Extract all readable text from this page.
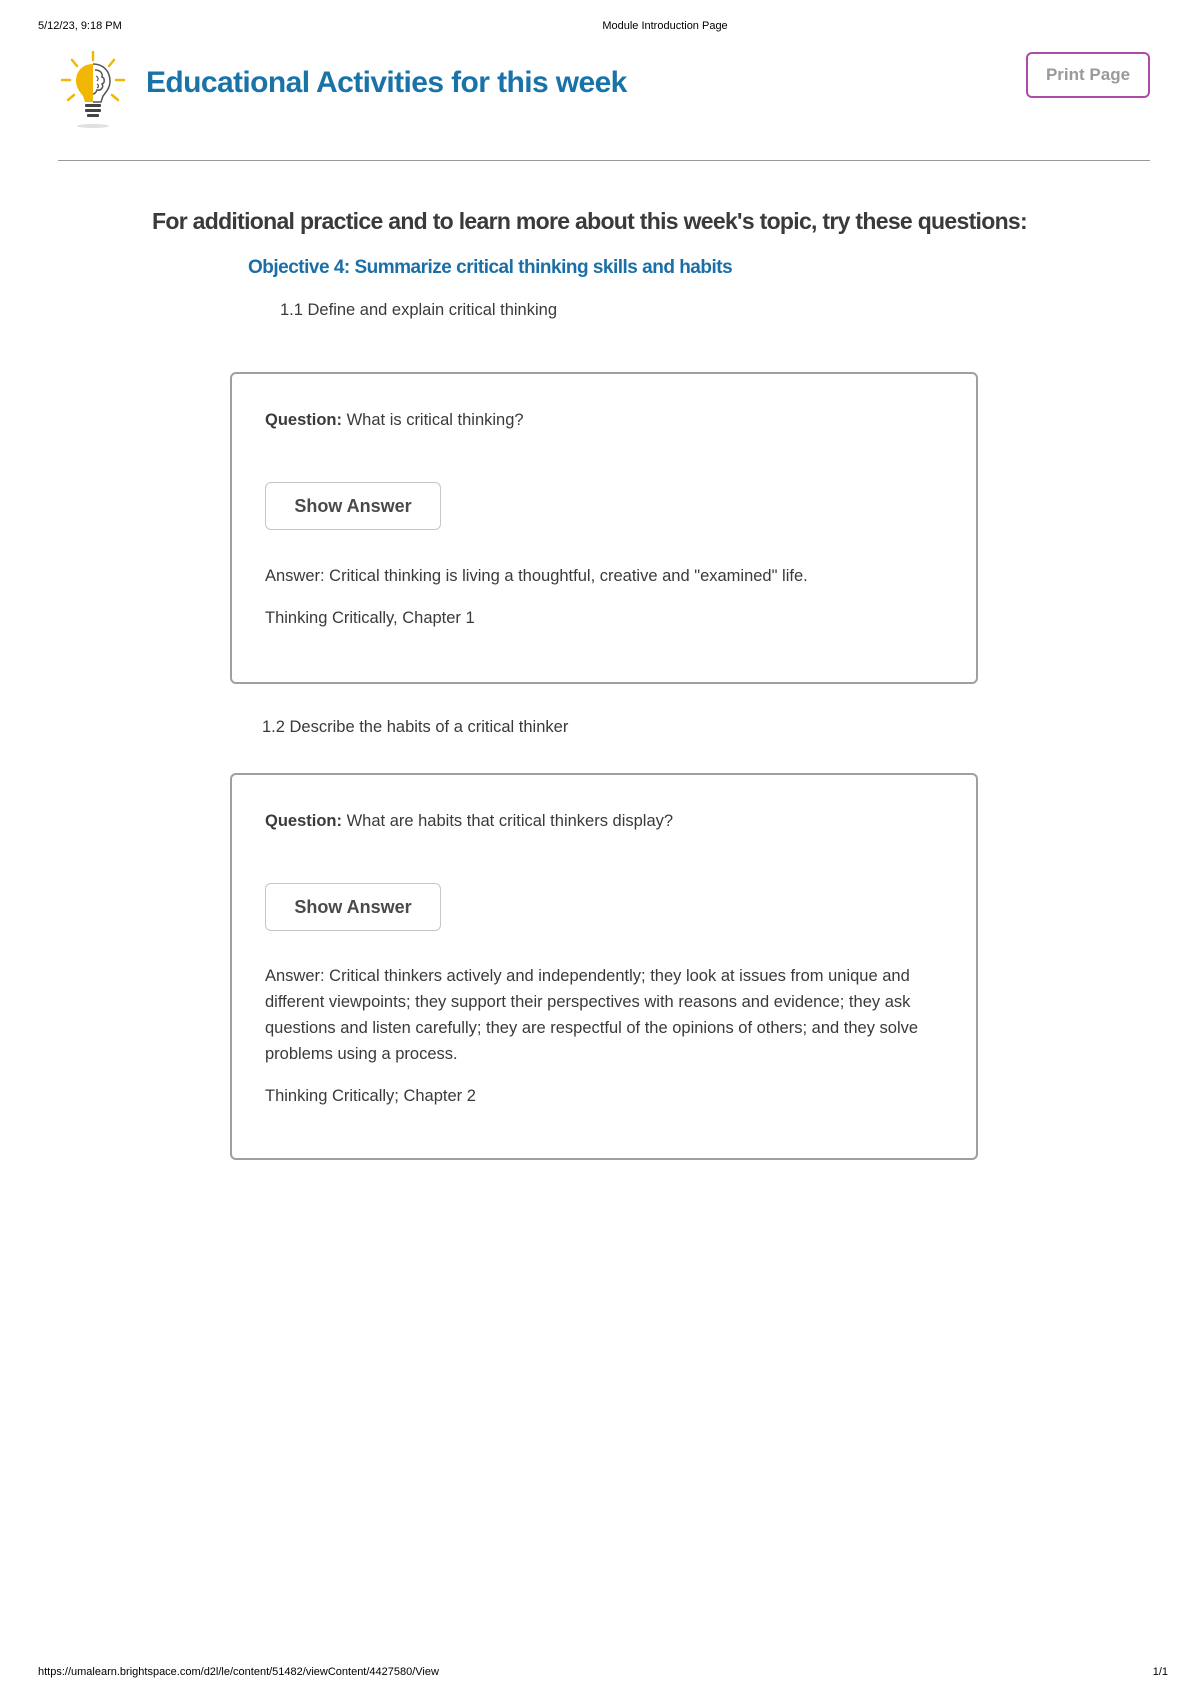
5/12/23, 9:18 PM	Module Introduction Page
Educational Activities for this week	Print Page
For additional practice and to learn more about this week's topic, try these questions:
Objective 4: Summarize critical thinking skills and habits
1.1 Define and explain critical thinking
Question: What is critical thinking?
Show Answer
Answer: Critical thinking is living a thoughtful, creative and "examined" life.
Thinking Critically, Chapter 1
1.2 Describe the habits of a critical thinker
Question: What are habits that critical thinkers display?
Show Answer
Answer: Critical thinkers actively and independently; they look at issues from unique and different viewpoints; they support their perspectives with reasons and evidence; they ask questions and listen carefully; they are respectful of the opinions of others; and they solve problems using a process.
Thinking Critically; Chapter 2
https://umalearn.brightspace.com/d2l/le/content/51482/viewContent/4427580/View	1/1
